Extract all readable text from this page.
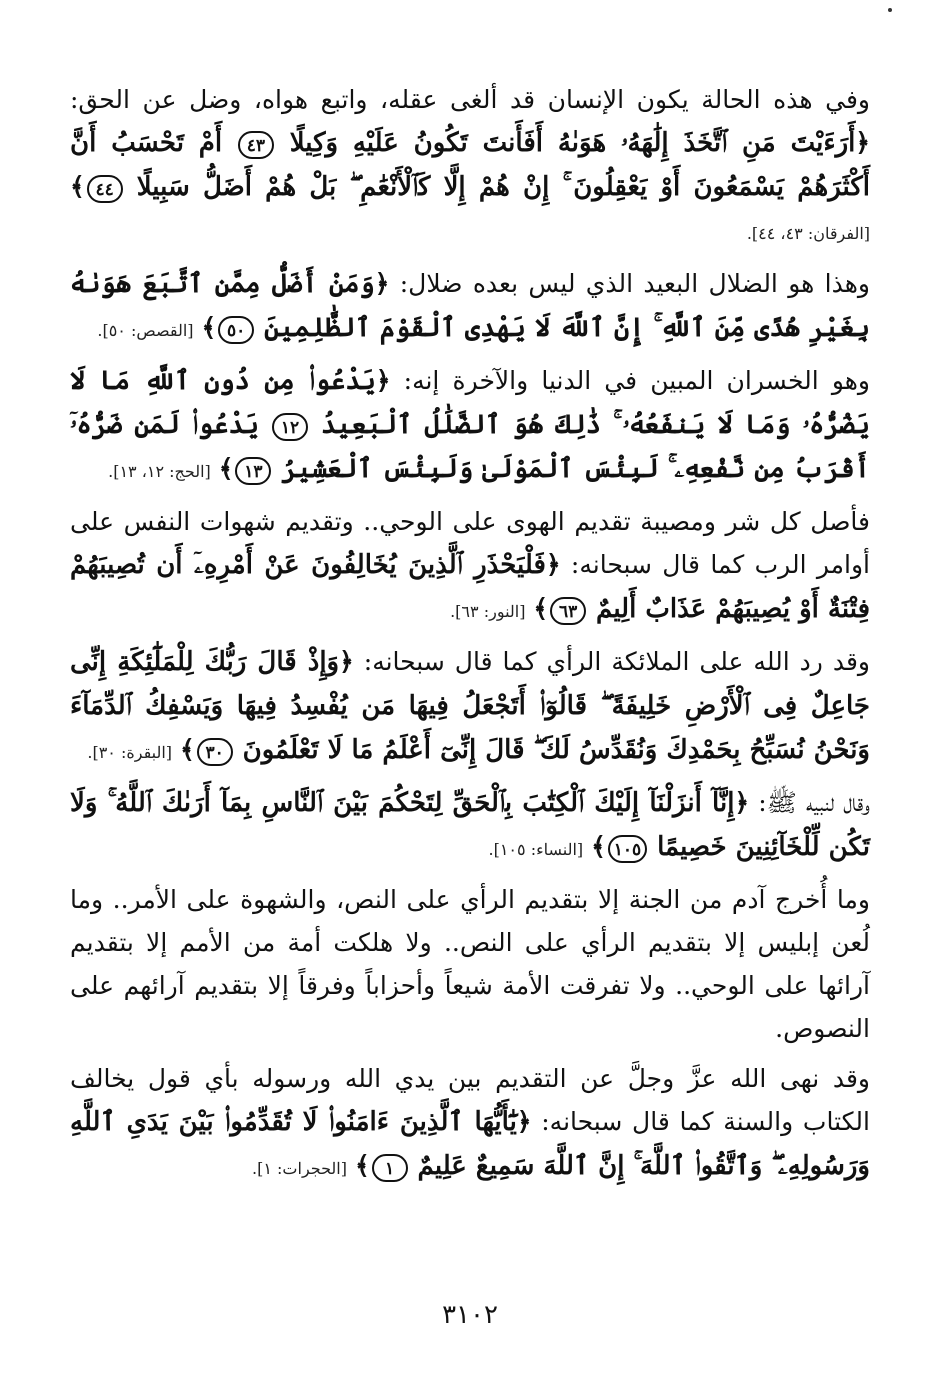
وفي هذه الحالة يكون الإنسان قد ألغى عقله، واتبع هواه، وضل عن الحق: ﴿أَرَءَيْتَ مَنِ ٱتَّخَذَ إِلَٰهَهُۥ هَوَىٰهُ أَفَأَنتَ تَكُونُ عَلَيْهِ وَكِيلًا ٤٣ أَمْ تَحْسَبُ أَنَّ أَكْثَرَهُمْ يَسْمَعُونَ أَوْ يَعْقِلُونَ ۚ إِنْ هُمْ إِلَّا كَٱلْأَنْعَٰمِ ۖ بَلْ هُمْ أَضَلُّ سَبِيلًا ٤٤﴾ [الفرقان: ٤٣، ٤٤].

وهذا هو الضلال البعيد الذي ليس بعده ضلال: ﴿وَمَنْ أَضَلُّ مِمَّنِ ٱتَّبَعَ هَوَىٰهُ بِغَيْرِ هُدًى مِّنَ ٱللَّهِ ۚ إِنَّ ٱللَّهَ لَا يَهْدِى ٱلْقَوْمَ ٱلظَّٰلِمِينَ ٥٠﴾ [القصص: ٥٠].

وهو الخسران المبين في الدنيا والآخرة إنه: ﴿يَدْعُوا۟ مِن دُونِ ٱللَّهِ مَا لَا يَضُرُّهُۥ وَمَا لَا يَنفَعُهُۥ ۚ ذَٰلِكَ هُوَ ٱلضَّلَٰلُ ٱلْبَعِيدُ ١٢ يَدْعُوا۟ لَمَن ضَرُّهُۥٓ أَقْرَبُ مِن نَّفْعِهِۦ ۚ لَبِئْسَ ٱلْمَوْلَىٰ وَلَبِئْسَ ٱلْعَشِيرُ ١٣﴾ [الحج: ١٢، ١٣].

فأصل كل شر ومصيبة تقديم الهوى على الوحي.. وتقديم شهوات النفس على أوامر الرب كما قال سبحانه: ﴿فَلْيَحْذَرِ ٱلَّذِينَ يُخَالِفُونَ عَنْ أَمْرِهِۦٓ أَن تُصِيبَهُمْ فِتْنَةٌ أَوْ يُصِيبَهُمْ عَذَابٌ أَلِيمٌ ٦٣﴾ [النور: ٦٣].

وقد رد الله على الملائكة الرأي كما قال سبحانه: ﴿وَإِذْ قَالَ رَبُّكَ لِلْمَلَٰٓئِكَةِ إِنِّى جَاعِلٌ فِى ٱلْأَرْضِ خَلِيفَةً ۖ قَالُوٓا۟ أَتَجْعَلُ فِيهَا مَن يُفْسِدُ فِيهَا وَيَسْفِكُ ٱلدِّمَآءَ وَنَحْنُ نُسَبِّحُ بِحَمْدِكَ وَنُقَدِّسُ لَكَ ۖ قَالَ إِنِّىٓ أَعْلَمُ مَا لَا تَعْلَمُونَ ٣٠﴾ [البقرة: ٣٠].

وقال لنبيه ﷺ: ﴿إِنَّآ أَنزَلْنَآ إِلَيْكَ ٱلْكِتَٰبَ بِٱلْحَقِّ لِتَحْكُمَ بَيْنَ ٱلنَّاسِ بِمَآ أَرَىٰكَ ٱللَّهُ ۚ وَلَا تَكُن لِّلْخَآئِنِينَ خَصِيمًا ١٠٥﴾ [النساء: ١٠٥].

وما أُخرج آدم من الجنة إلا بتقديم الرأي على النص، والشهوة على الأمر.. وما لُعن إبليس إلا بتقديم الرأي على النص.. ولا هلكت أمة من الأمم إلا بتقديم آرائها على الوحي.. ولا تفرقت الأمة شيعاً وأحزاباً وفرقاً إلا بتقديم آرائهم على النصوص.

وقد نهى الله عزَّ وجلَّ عن التقديم بين يدي الله ورسوله بأي قول يخالف الكتاب والسنة كما قال سبحانه: ﴿يَٰٓأَيُّهَا ٱلَّذِينَ ءَامَنُوا۟ لَا تُقَدِّمُوا۟ بَيْنَ يَدَىِ ٱللَّهِ وَرَسُولِهِۦ ۖ وَٱتَّقُوا۟ ٱللَّهَ ۚ إِنَّ ٱللَّهَ سَمِيعٌ عَلِيمٌ ١﴾ [الحجرات: ١].

٣١٠٢
